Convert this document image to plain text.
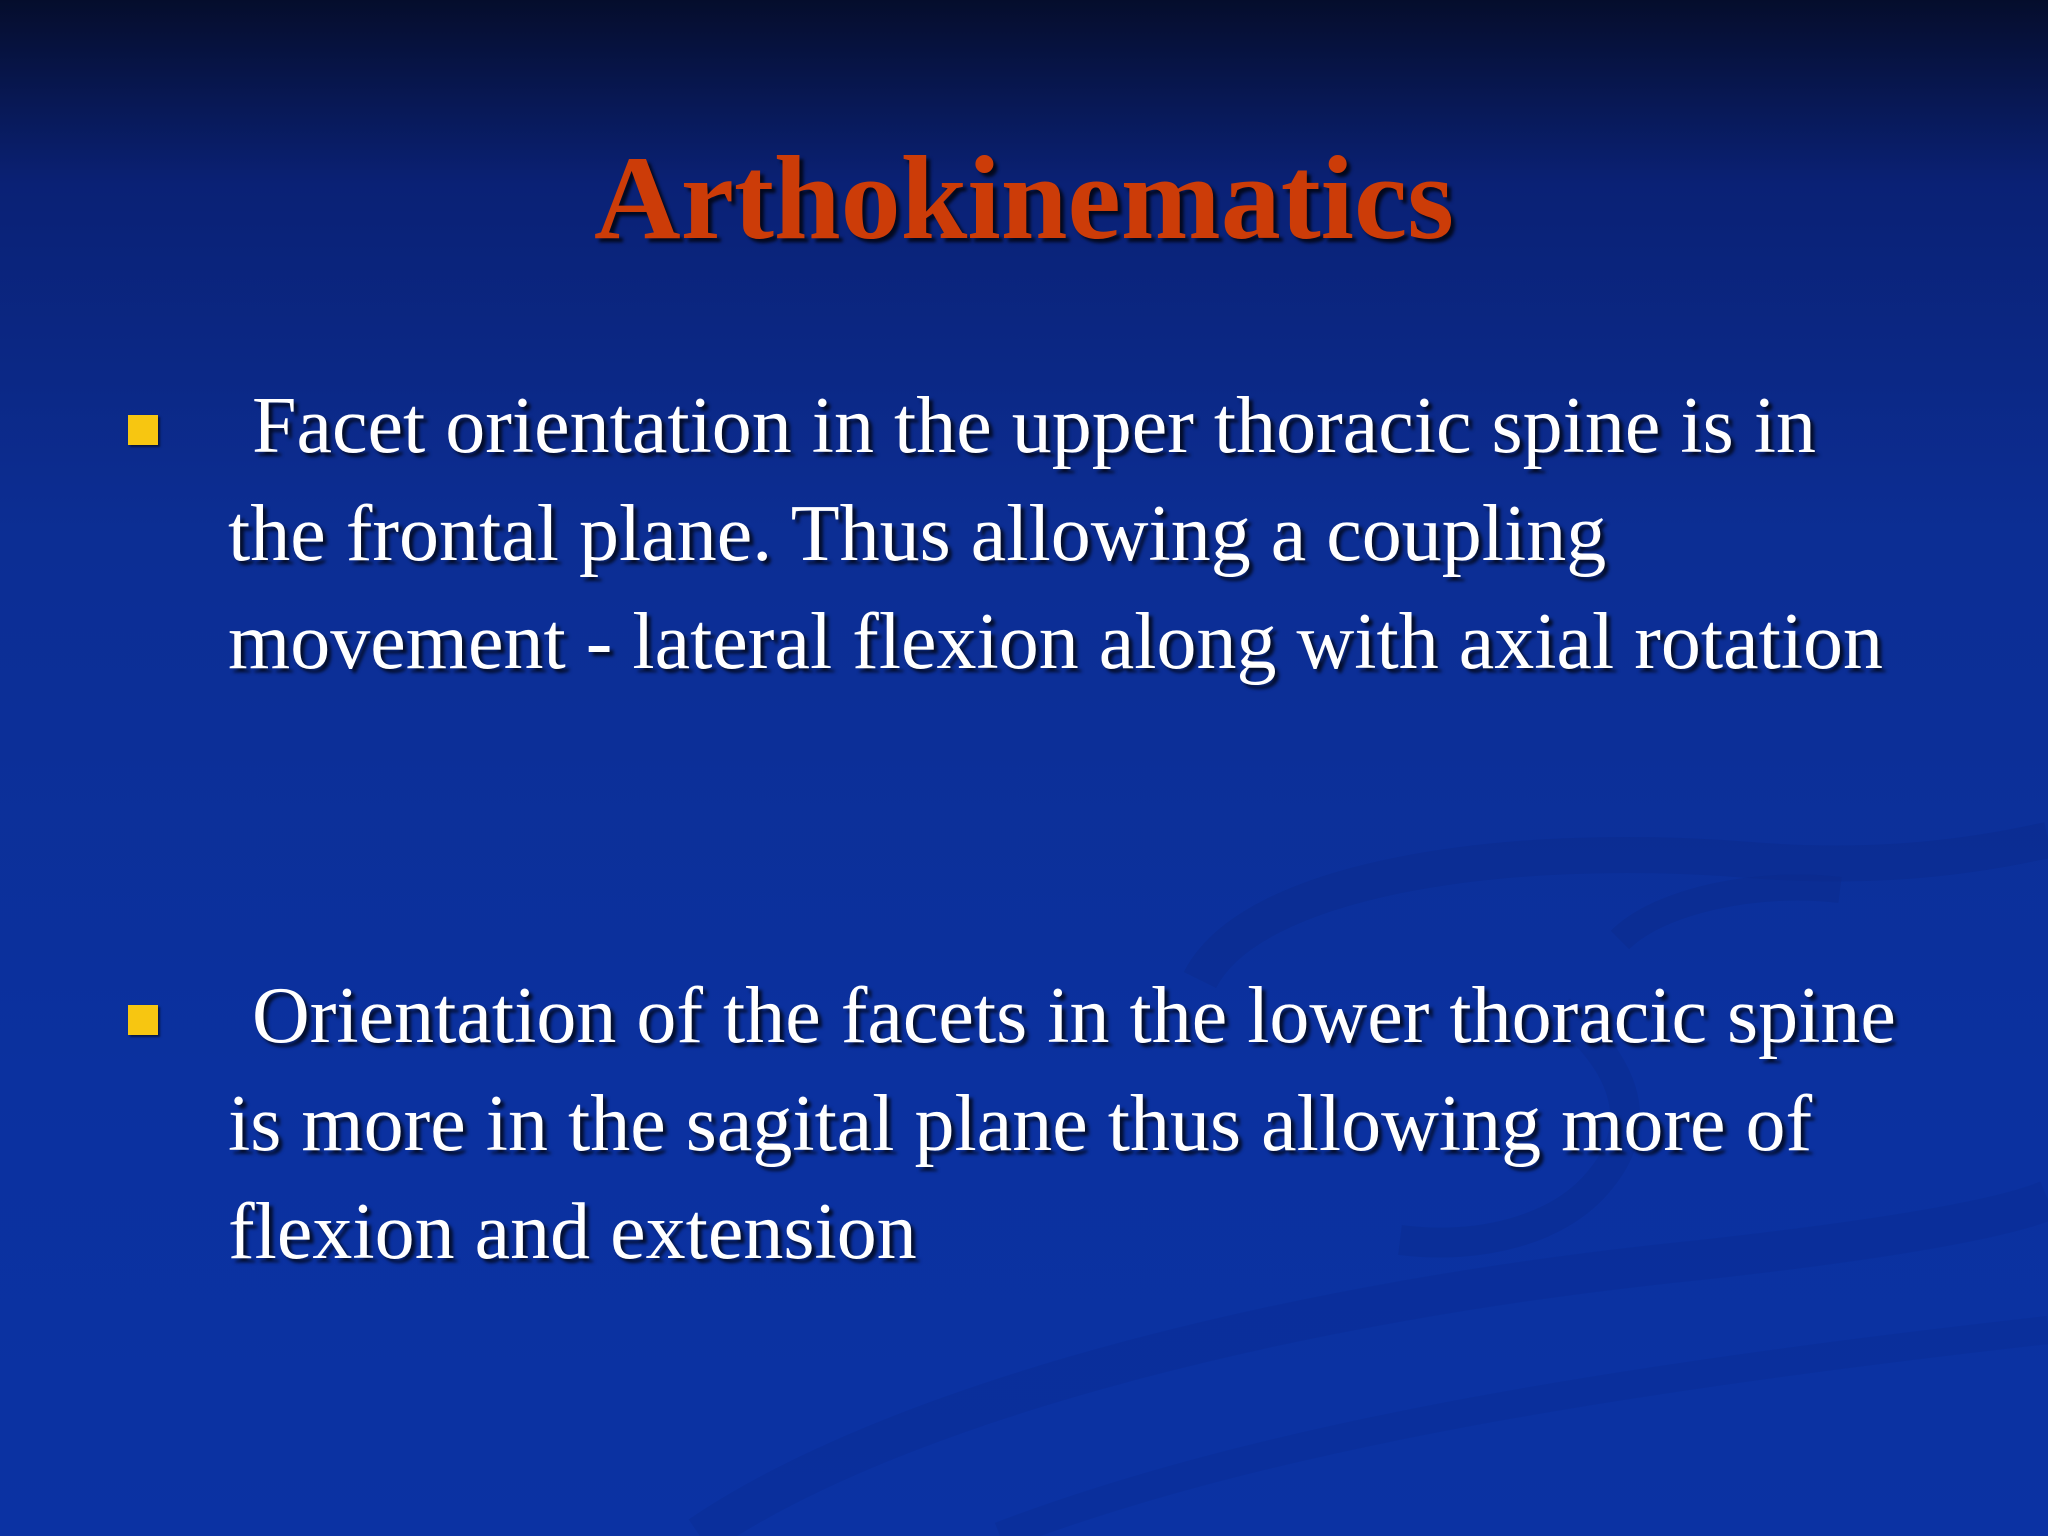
Arthokinematics

Facet orientation in the upper thoracic spine is in the frontal plane. Thus allowing a coupling movement - lateral flexion along with axial rotation

Orientation of the facets in the lower thoracic spine is more in the sagital plane thus allowing more of flexion and extension
